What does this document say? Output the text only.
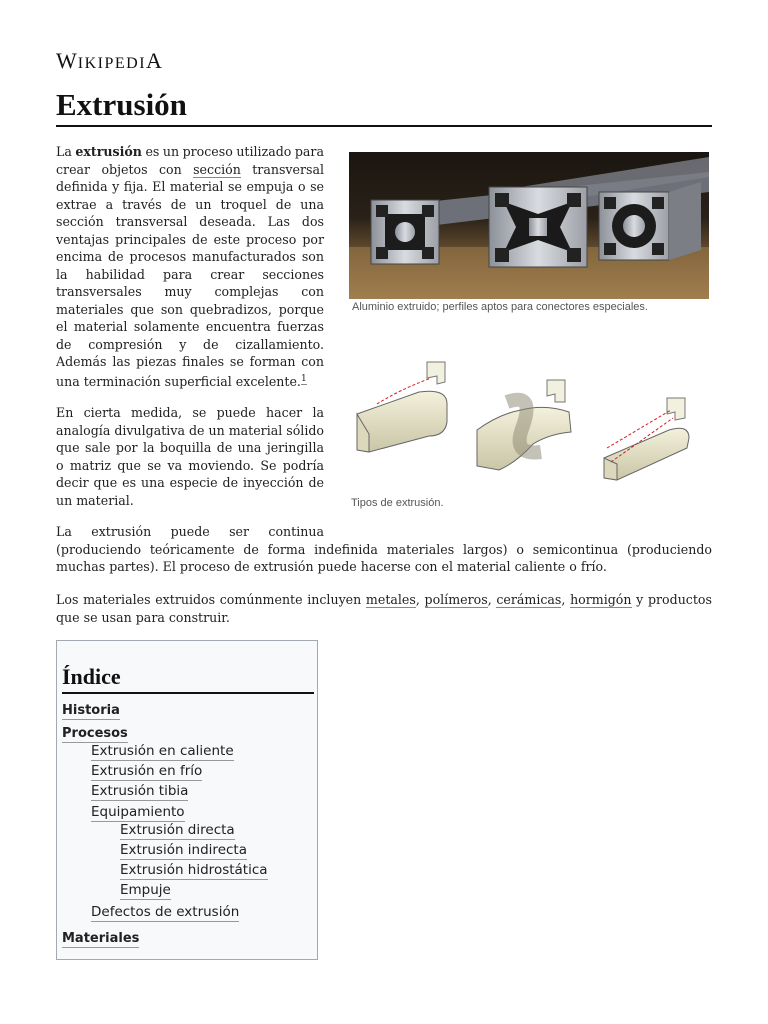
WIKIPEDIA
Extrusión
La extrusión es un proceso utilizado para
crear objetos con sección transversal definida y fija. El material se empuja o se extrae a través de un troquel de una sección transversal deseada. Las dos ventajas principales de este proceso por encima de procesos manufacturados son la habilidad para crear secciones transversales muy complejas con materiales que son quebradizos, porque el material solamente encuentra fuerzas de compresión y de cizallamiento. Además las piezas finales se forman con una terminación superficial excelente.$^1$

En cierta medida, se puede hacer la analogía divulgativa de un material sólido que sale por la boquilla de una jeringilla o matriz que se va moviendo. Se podría decir que es una especie de inyección de un material.

La extrusión puede ser continua
(produciendo teóricamente de forma indefinida materiales largos) o semicontinua (produciendo muchas partes). El proceso de extrusión puede hacerse con el material caliente o frío.
Los materiales extruidos comúnmente incluyen metales, polímeros, cerámicas, hormigón y productos que se usan para construir.
Aluminio extruido; perfiles aptos para conectores especiales.
Tipos de extrusión.
Índice
Historia
Procesos
Extrusión en caliente
Extrusión en frío
Extrusión tibia
Equipamiento
Extrusión directa
Extrusión indirecta
Extrusión hidrostática
Empuje
Defectos de extrusión
Materiales
